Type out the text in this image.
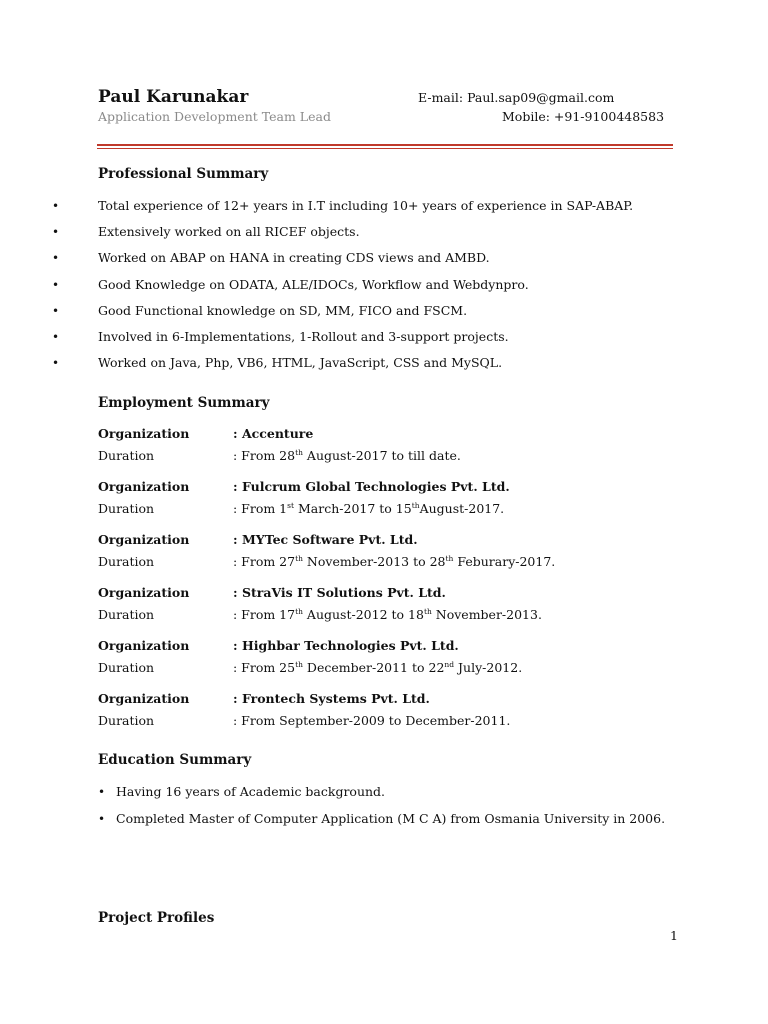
Paul Karunakar
Application Development Team Lead
E-mail: Paul.sap09@gmail.com
Mobile: +91-9100448583
Professional Summary
•	Total experience of 12+ years in I.T including 10+ years of experience in SAP-ABAP.
•	Extensively worked on all RICEF objects.
•	Worked on ABAP on HANA in creating CDS views and AMBD.
•	Good Knowledge on ODATA, ALE/IDOCs, Workflow and Webdynpro.
•	Good Functional knowledge on SD, MM, FICO and FSCM.
•	Involved in 6-Implementations, 1-Rollout and 3-support projects.
•	Worked on Java, Php, VB6, HTML, JavaScript, CSS and MySQL.
Employment Summary
Organization	: Accenture
Duration	: From 28th August-2017 to till date.
Organization	: Fulcrum Global Technologies Pvt. Ltd.
Duration	: From 1st March-2017 to 15thAugust-2017.
Organization	: MYTec Software Pvt. Ltd.
Duration	: From 27th November-2013 to 28th Feburary-2017.
Organization	: StraVis IT Solutions Pvt. Ltd.
Duration	: From 17th August-2012 to 18th November-2013.
Organization	: Highbar Technologies Pvt. Ltd.
Duration	: From 25th December-2011 to 22nd July-2012.
Organization	: Frontech Systems Pvt. Ltd.
Duration	: From September-2009 to December-2011.
Education Summary
• Having 16 years of Academic background.
• Completed Master of Computer Application (M C A) from Osmania University in 2006.
Project Profiles
1
